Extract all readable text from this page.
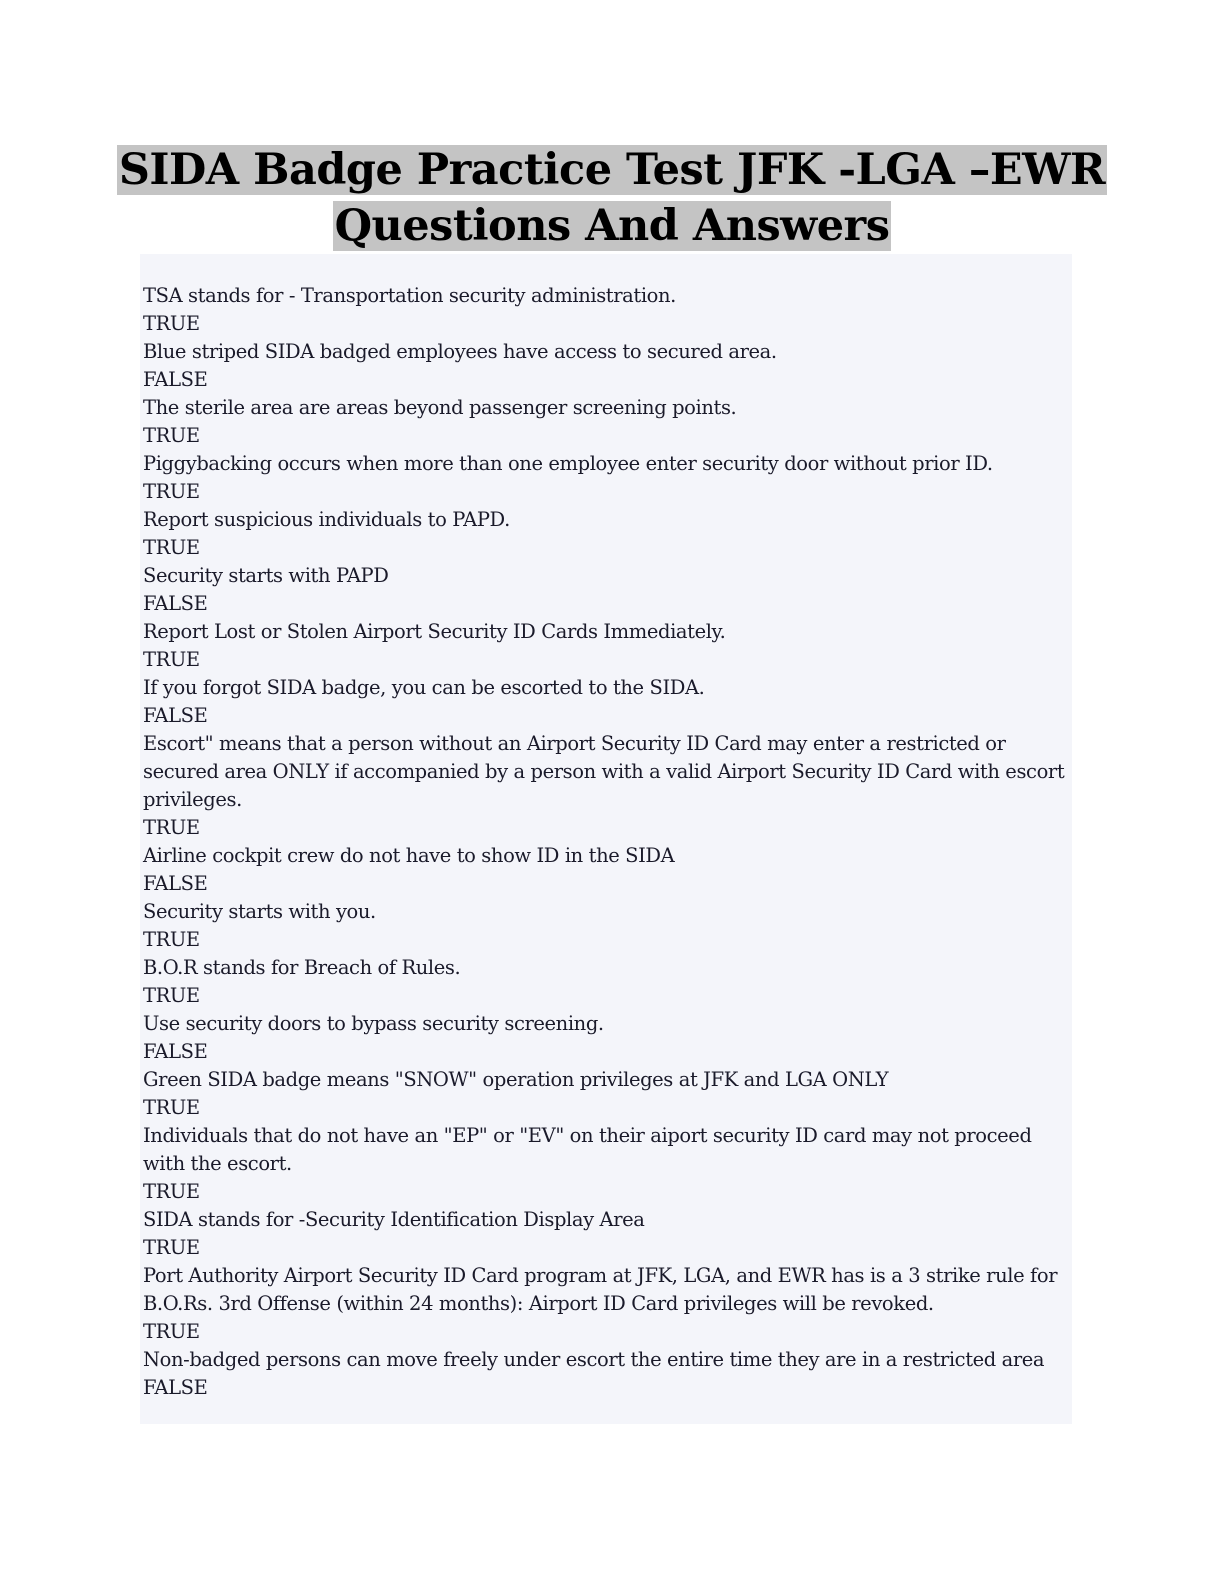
SIDA Badge Practice Test JFK -LGA –EWR
Questions And Answers
TSA stands for - Transportation security administration.
TRUE
Blue striped SIDA badged employees have access to secured area.
FALSE
The sterile area are areas beyond passenger screening points.
TRUE
Piggybacking occurs when more than one employee enter security door without prior ID.
TRUE
Report suspicious individuals to PAPD.
TRUE
Security starts with PAPD
FALSE
Report Lost or Stolen Airport Security ID Cards Immediately.
TRUE
If you forgot SIDA badge, you can be escorted to the SIDA.
FALSE
Escort" means that a person without an Airport Security ID Card may enter a restricted or secured area ONLY if accompanied by a person with a valid Airport Security ID Card with escort privileges.
TRUE
Airline cockpit crew do not have to show ID in the SIDA
FALSE
Security starts with you.
TRUE
B.O.R stands for Breach of Rules.
TRUE
Use security doors to bypass security screening.
FALSE
Green SIDA badge means "SNOW" operation privileges at JFK and LGA ONLY
TRUE
Individuals that do not have an "EP" or "EV" on their aiport security ID card may not proceed with the escort.
TRUE
SIDA stands for -Security Identification Display Area
TRUE
Port Authority Airport Security ID Card program at JFK, LGA, and EWR has is a 3 strike rule for B.O.Rs. 3rd Offense (within 24 months): Airport ID Card privileges will be revoked.
TRUE
Non-badged persons can move freely under escort the entire time they are in a restricted area
FALSE
